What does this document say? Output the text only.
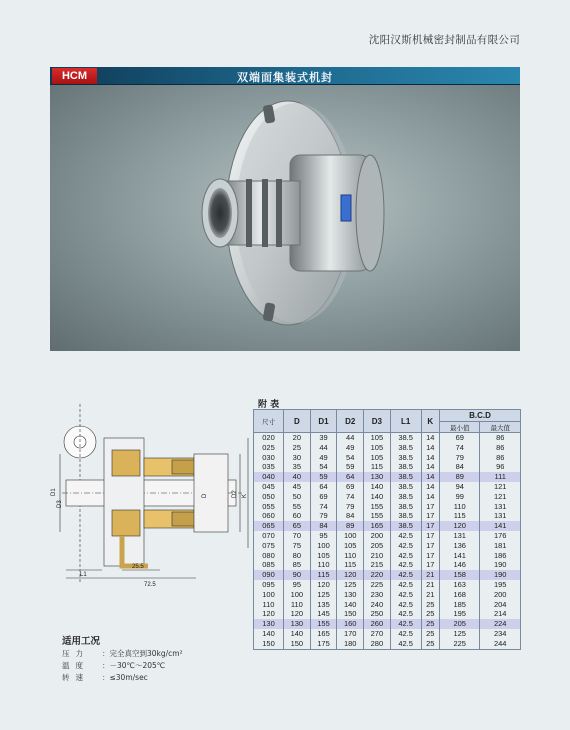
沈阳汉斯机械密封制品有限公司
HCM	双端面集装式机封
D1
D3
D	D2 K
L1
25.5
72.5
适用工况
压力 ：完全真空到30kg/cm²
温度 ：－30℃～205℃
转速 ：≤30m/sec
附 表
尺寸	D	D1	D2	D3	L1	K	B.C.D	
							最小值	最大值
020	20	39	44	105	38.5	14	69	86
025	25	44	49	105	38.5	14	74	86
030	30	49	54	105	38.5	14	79	86
035	35	54	59	115	38.5	14	84	96
040	40	59	64	130	38.5	14	89	111
045	45	64	69	140	38.5	14	94	121
050	50	69	74	140	38.5	14	99	121
055	55	74	79	155	38.5	17	110	131
060	60	79	84	155	38.5	17	115	131
065	65	84	89	165	38.5	17	120	141
070	70	95	100	200	42.5	17	131	176
075	75	100	105	205	42.5	17	136	181
080	80	105	110	210	42.5	17	141	186
085	85	110	115	215	42.5	17	146	190
090	90	115	120	220	42.5	21	158	190
095	95	120	125	225	42.5	21	163	195
100	100	125	130	230	42.5	21	168	200
110	110	135	140	240	42.5	25	185	204
120	120	145	150	250	42.5	25	195	214
130	130	155	160	260	42.5	25	205	224
140	140	165	170	270	42.5	25	125	234
150	150	175	180	280	42.5	25	225	244
